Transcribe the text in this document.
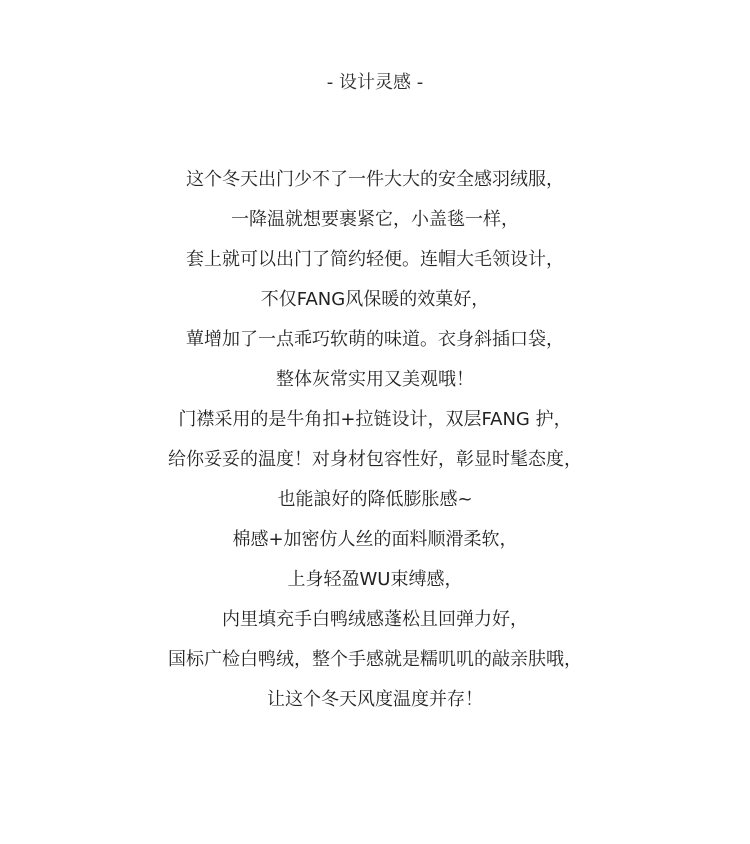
- 设计灵感 -
这个冬天出门少不了一件大大的安全感羽绒服，
一降温就想要裹紧它，小盖毯一样，
套上就可以出门了简约轻便。连帽大毛领设计，
不仅FANG风保暖的效菓好，
蕇增加了一点乖巧软萌的味道。衣身斜插口袋，
整体灰常实用又美观哦！
门襟采用的是牛角扣+拉链设计，双层FANG 护，
给你妥妥的温度！对身材包容性好，彰显时髦态度，
也能誏好的降低膨胀感~
棉感+加密仿人丝的面料顺滑柔软，
上身轻盈WU束缚感，
内里填充手白鸭绒感蓬松且回弹力好，
国标广检白鸭绒，整个手感就是糯叽叽的敲亲肤哦，
让这个冬天风度温度并存！
